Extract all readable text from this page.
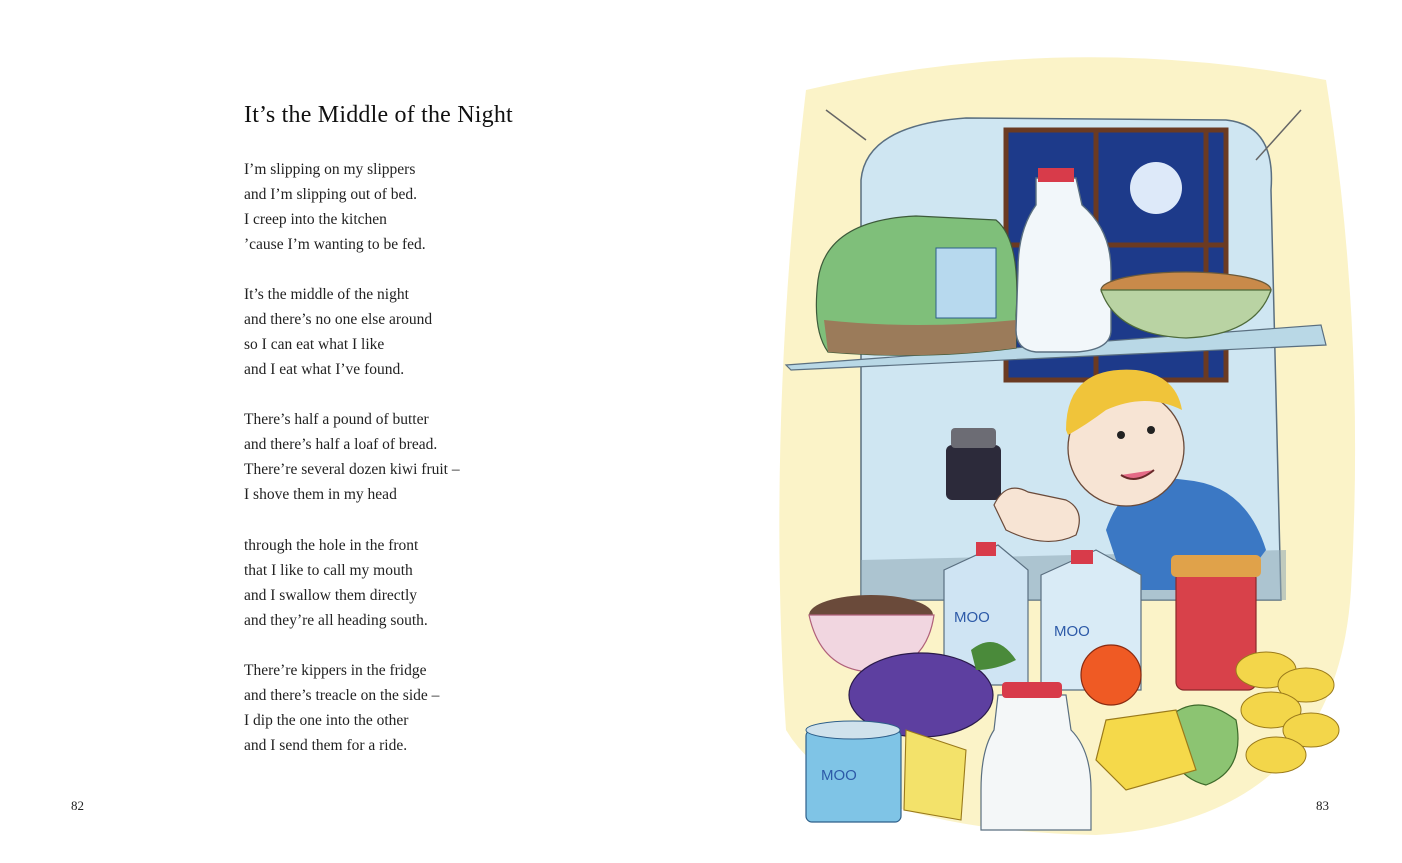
It’s the Middle of the Night
I’m slipping on my slippers
and I’m slipping out of bed.
I creep into the kitchen
’cause I’m wanting to be fed.
It’s the middle of the night
and there’s no one else around
so I can eat what I like
and I eat what I’ve found.
There’s half a pound of butter
and there’s half a loaf of bread.
There’re several dozen kiwi fruit –
I shove them in my head
through the hole in the front
that I like to call my mouth
and I swallow them directly
and they’re all heading south.
There’re kippers in the fridge
and there’s treacle on the side –
I dip the one into the other
and I send them for a ride.
82	83
MOO
MOO
MOO
